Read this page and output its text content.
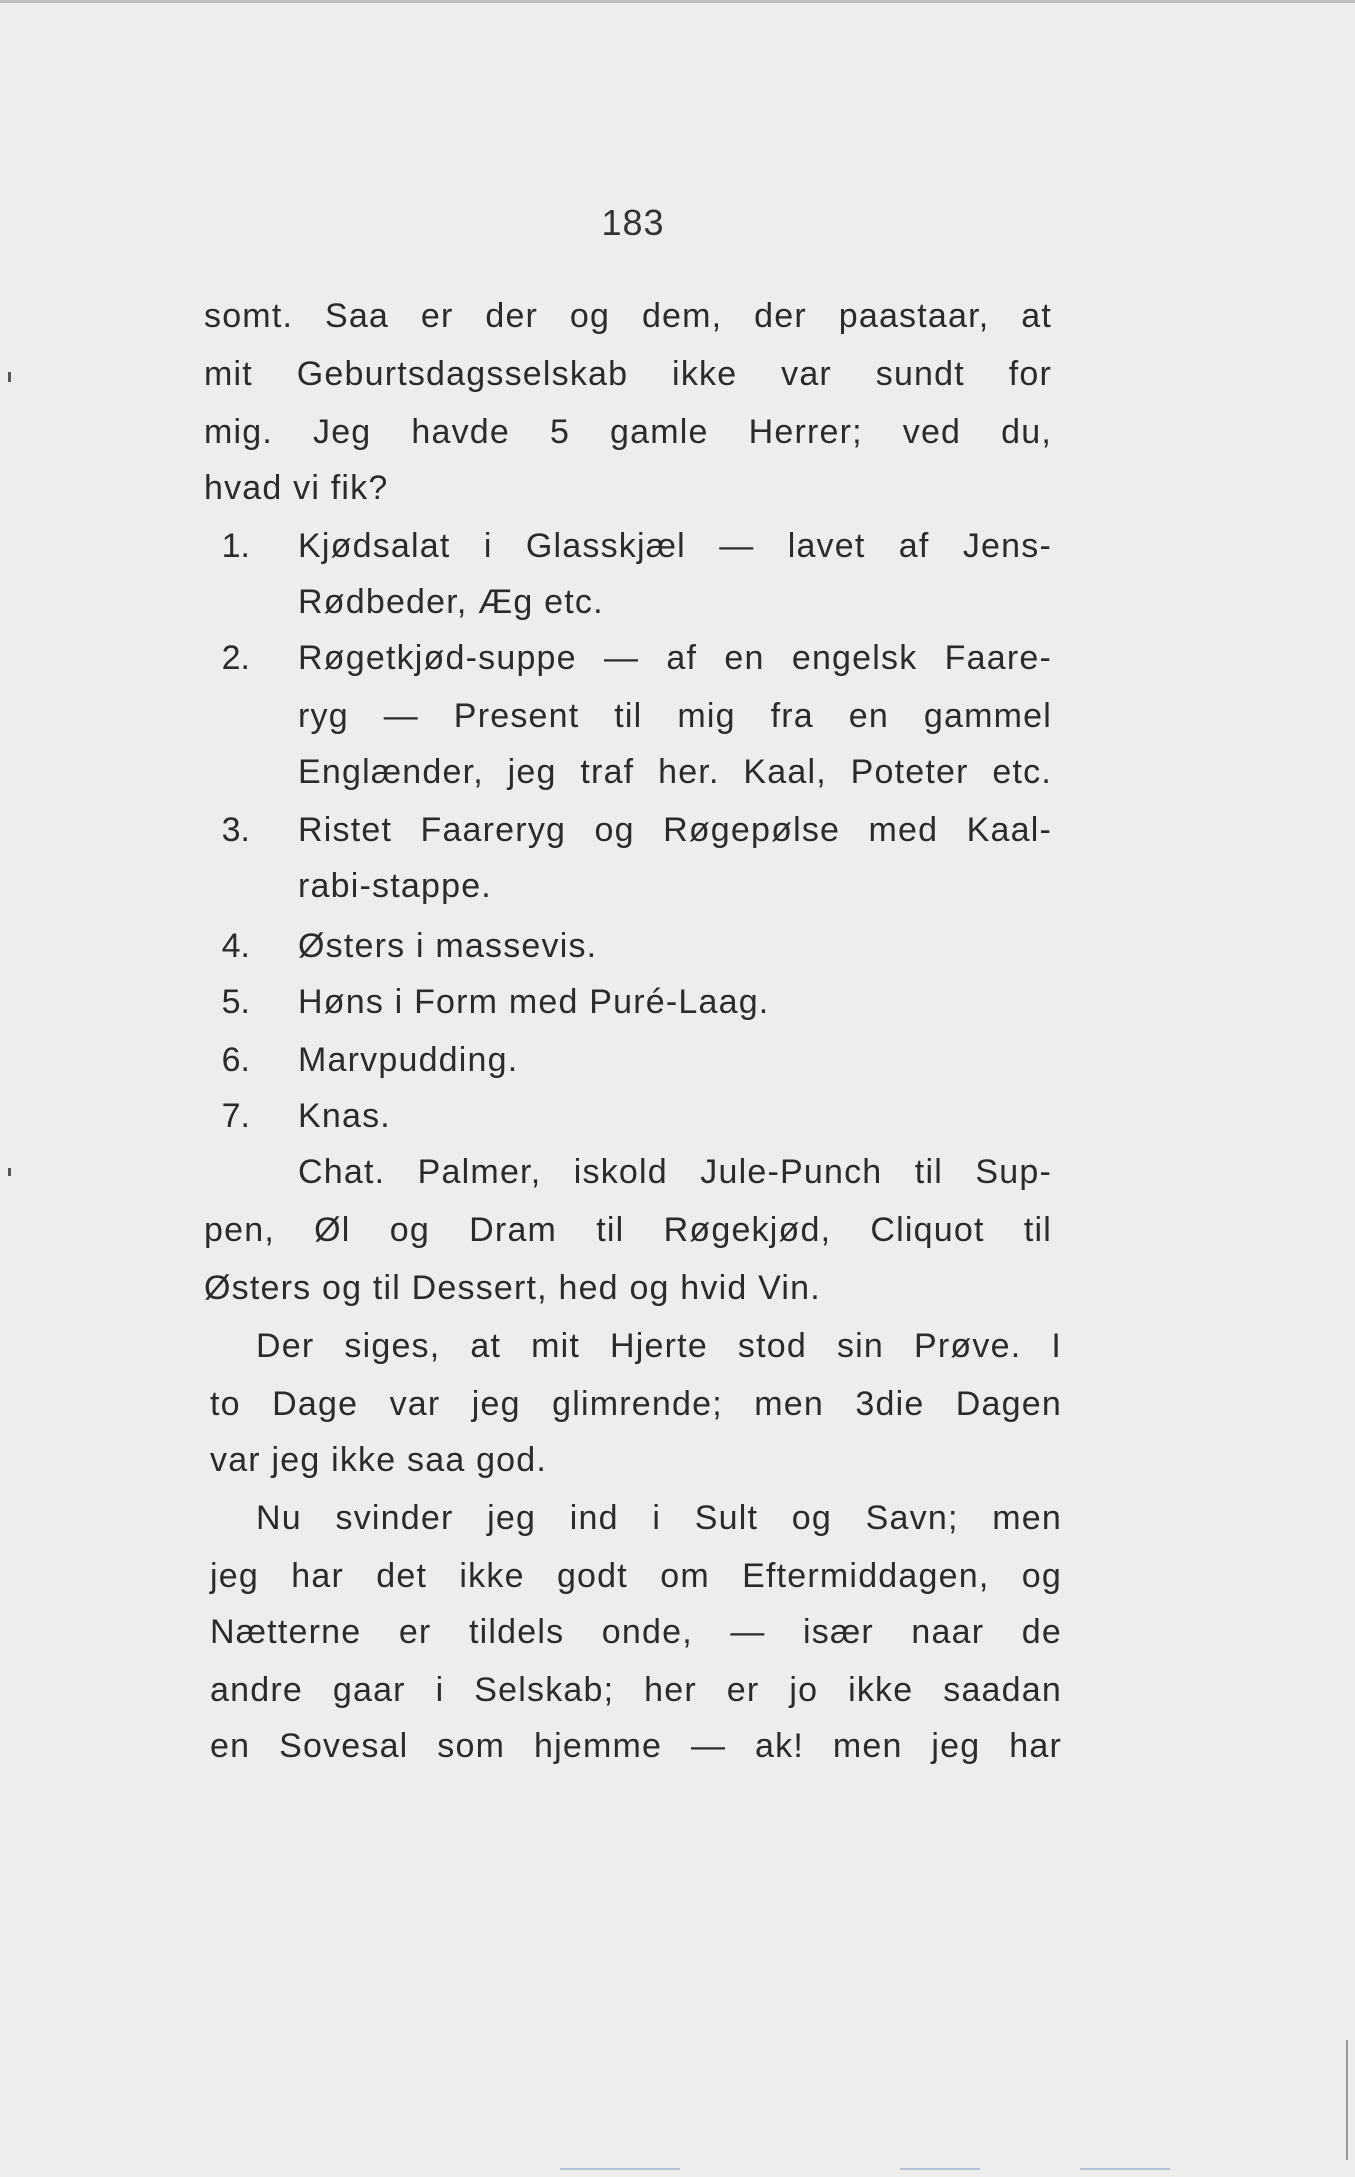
183
somt. Saa er der og dem, der paastaar, at
mit Geburtsdagsselskab ikke var sundt for
mig. Jeg havde 5 gamle Herrer; ved du,
hvad vi fik?
1. Kjødsalat i Glasskjæl — lavet af Jens-
Rødbeder, Æg etc.
2. Røgetkjød-suppe — af en engelsk Faare-
ryg — Present til mig fra en gammel
Englænder, jeg traf her. Kaal, Poteter etc.
3. Ristet Faareryg og Røgepølse med Kaal-
rabi-stappe.
4. Østers i massevis.
5. Høns i Form med Puré-Laag.
6. Marvpudding.
7. Knas.
Chat. Palmer, iskold Jule-Punch til Sup-
pen, Øl og Dram til Røgekjød, Cliquot til
Østers og til Dessert, hed og hvid Vin.
Der siges, at mit Hjerte stod sin Prøve. I
to Dage var jeg glimrende; men 3die Dagen
var jeg ikke saa god.
Nu svinder jeg ind i Sult og Savn; men
jeg har det ikke godt om Eftermiddagen, og
Nætterne er tildels onde, — især naar de
andre gaar i Selskab; her er jo ikke saadan
en Sovesal som hjemme — ak! men jeg har
